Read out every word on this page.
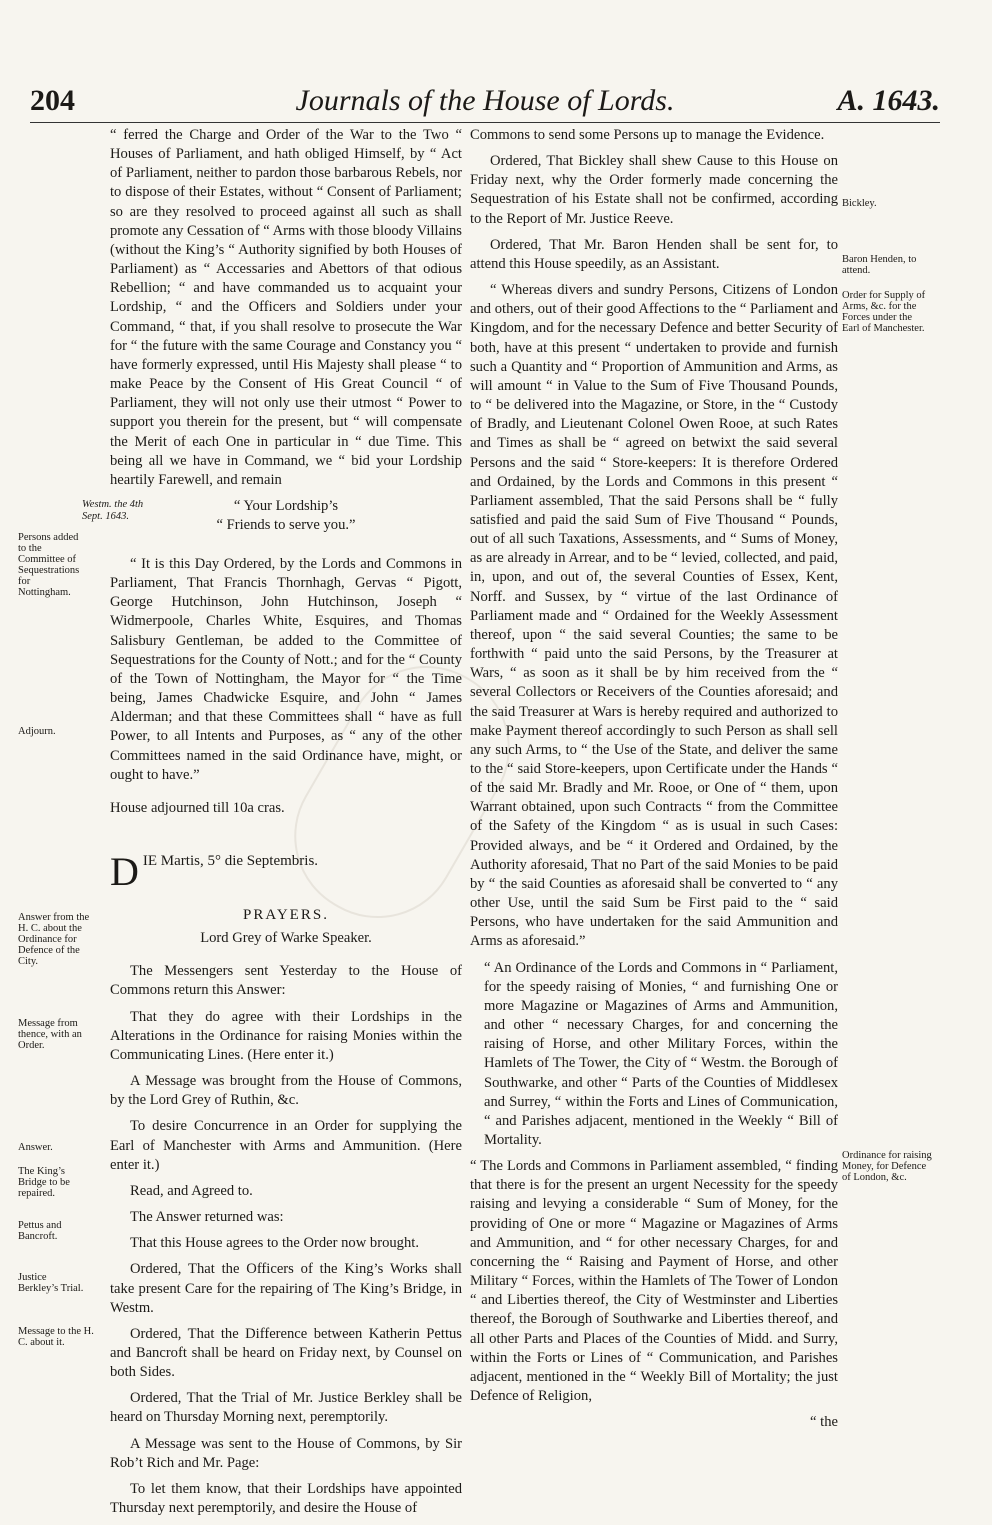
204	Journals of the House of Lords.	A. 1643.
Persons added to the Committee of Sequestrations for Nottingham.
Adjourn.
Answer from the H. C. about the Ordinance for Defence of the City.
Message from thence, with an Order.
Answer.
The King’s Bridge to be repaired.
Pettus and Bancroft.
Justice Berkley’s Trial.
Message to the H. C. about it.

“ ferred the Charge and Order of the War to the Two “ Houses of Parliament, and hath obliged Himself, by “ Act of Parliament, neither to pardon those barbarous Rebels, nor to dispose of their Estates, without “ Consent of Parliament; so are they resolved to proceed against all such as shall promote any Cessation of “ Arms with those bloody Villains (without the King’s “ Authority signified by both Houses of Parliament) as “ Accessaries and Abettors of that odious Rebellion; “ and have commanded us to acquaint your Lordship, “ and the Officers and Soldiers under your Command, “ that, if you shall resolve to prosecute the War for “ the future with the same Courage and Constancy you “ have formerly expressed, until His Majesty shall please “ to make Peace by the Consent of His Great Council “ of Parliament, they will not only use their utmost “ Power to support you therein for the present, but “ will compensate the Merit of each One in particular in “ due Time. This being all we have in Command, we “ bid your Lordship heartily Farewell, and remain

Westm. the 4th Sept. 1643.
“ Your Lordship’s
“ Friends to serve you.”

“ It is this Day Ordered, by the Lords and Commons in Parliament, That Francis Thornhagh, Gervas “ Pigott, George Hutchinson, John Hutchinson, Joseph “ Widmerpoole, Charles White, Esquires, and Thomas Salisbury Gentleman, be added to the Committee of Sequestrations for the County of Nott.; and for the “ County of the Town of Nottingham, the Mayor for “ the Time being, James Chadwicke Esquire, and John “ James Alderman; and that these Committees shall “ have as full Power, to all Intents and Purposes, as “ any of the other Committees named in the said Ordinance have, might, or ought to have.”

House adjourned till 10a cras.

D IE Martis, 5° die Septembris.
PRAYERS.
Lord Grey of Warke Speaker.

The Messengers sent Yesterday to the House of Commons return this Answer:

That they do agree with their Lordships in the Alterations in the Ordinance for raising Monies within the Communicating Lines. (Here enter it.)

A Message was brought from the House of Commons, by the Lord Grey of Ruthin, &c.

To desire Concurrence in an Order for supplying the Earl of Manchester with Arms and Ammunition. (Here enter it.)

Read, and Agreed to.

The Answer returned was:

That this House agrees to the Order now brought.

Ordered, That the Officers of the King’s Works shall take present Care for the repairing of The King’s Bridge, in Westm.

Ordered, That the Difference between Katherin Pettus and Bancroft shall be heard on Friday next, by Counsel on both Sides.

Ordered, That the Trial of Mr. Justice Berkley shall be heard on Thursday Morning next, peremptorily.

A Message was sent to the House of Commons, by Sir Rob’t Rich and Mr. Page:

To let them know, that their Lordships have appointed Thursday next peremptorily, and desire the House of

Commons to send some Persons up to manage the Evidence.

Ordered, That Bickley shall shew Cause to this House on Friday next, why the Order formerly made concerning the Sequestration of his Estate shall not be confirmed, according to the Report of Mr. Justice Reeve.

Ordered, That Mr. Baron Henden shall be sent for, to attend this House speedily, as an Assistant.

“ Whereas divers and sundry Persons, Citizens of London and others, out of their good Affections to the “ Parliament and Kingdom, and for the necessary Defence and better Security of both, have at this present “ undertaken to provide and furnish such a Quantity and “ Proportion of Ammunition and Arms, as will amount “ in Value to the Sum of Five Thousand Pounds, to “ be delivered into the Magazine, or Store, in the “ Custody of Bradly, and Lieutenant Colonel Owen Rooe, at such Rates and Times as shall be “ agreed on betwixt the said several Persons and the said “ Store-keepers: It is therefore Ordered and Ordained, by the Lords and Commons in this present “ Parliament assembled, That the said Persons shall be “ fully satisfied and paid the said Sum of Five Thousand “ Pounds, out of all such Taxations, Assessments, and “ Sums of Money, as are already in Arrear, and to be “ levied, collected, and paid, in, upon, and out of, the several Counties of Essex, Kent, Norff. and Sussex, by “ virtue of the last Ordinance of Parliament made and “ Ordained for the Weekly Assessment thereof, upon “ the said several Counties; the same to be forthwith “ paid unto the said Persons, by the Treasurer at Wars, “ as soon as it shall be by him received from the “ several Collectors or Receivers of the Counties aforesaid; and the said Treasurer at Wars is hereby required and authorized to make Payment thereof accordingly to such Person as shall sell any such Arms, to “ the Use of the State, and deliver the same to the “ said Store-keepers, upon Certificate under the Hands “ of the said Mr. Bradly and Mr. Rooe, or One of “ them, upon Warrant obtained, upon such Contracts “ from the Committee of the Safety of the Kingdom “ as is usual in such Cases: Provided always, and be “ it Ordered and Ordained, by the Authority aforesaid, That no Part of the said Monies to be paid by “ the said Counties as aforesaid shall be converted to “ any other Use, until the said Sum be First paid to the “ said Persons, who have undertaken for the said Ammunition and Arms as aforesaid.”

“ An Ordinance of the Lords and Commons in “ Parliament, for the speedy raising of Monies, “ and furnishing One or more Magazine or Magazines of Arms and Ammunition, and other “ necessary Charges, for and concerning the raising of Horse, and other Military Forces, within the Hamlets of The Tower, the City of “ Westm. the Borough of Southwarke, and other “ Parts of the Counties of Middlesex and Surrey, “ within the Forts and Lines of Communication, “ and Parishes adjacent, mentioned in the Weekly “ Bill of Mortality.

“ The Lords and Commons in Parliament assembled, “ finding that there is for the present an urgent Necessity for the speedy raising and levying a considerable “ Sum of Money, for the providing of One or more “ Magazine or Magazines of Arms and Ammunition, and “ for other necessary Charges, for and concerning the “ Raising and Payment of Horse, and other Military “ Forces, within the Hamlets of The Tower of London “ and Liberties thereof, the City of Westminster and Liberties thereof, the Borough of Southwarke and Liberties thereof, and all other Parts and Places of the Counties of Midd. and Surry, within the Forts or Lines of “ Communication, and Parishes adjacent, mentioned in the “ Weekly Bill of Mortality; the just Defence of Religion,

“ the
Bickley.
Baron Henden, to attend.
Order for Supply of Arms, &c. for the Forces under the Earl of Manchester.
Ordinance for raising Money, for Defence of London, &c.
